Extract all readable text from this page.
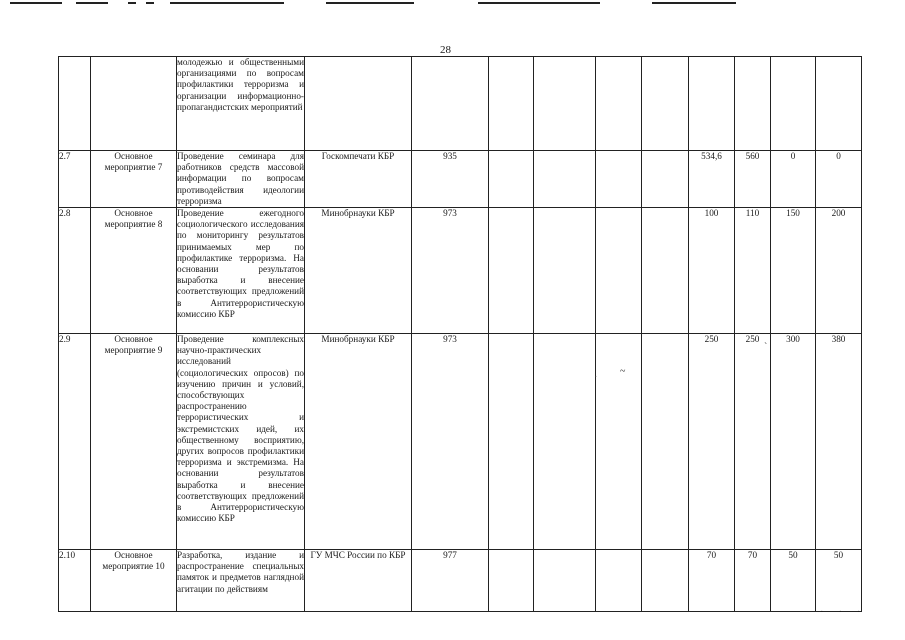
28
		молодежью и общественными организациями по вопросам профилактики терроризма и организации информационно-пропагандистских мероприятий										
2.7	Основное мероприятие 7	Проведение семинара для работников средств массовой информации по вопросам противодействия идеологии терроризма	Госкомпечати КБР	935					534,6	560	0	0
2.8	Основное мероприятие 8	Проведение ежегодного социологического исследования по мониторингу результатов принимаемых мер по профилактике терроризма. На основании результатов выработка и внесение соответствующих предложений в Антитеррористическую комиссию КБР	Минобрнауки КБР	973					100	110	150	200
2.9	Основное мероприятие 9	Проведение комплексных научно-практических исследований (социологических опросов) по изучению причин и условий, способствующих распространению террористических и экстремистских идей, их общественному восприятию, других вопросов профилактики терроризма и экстремизма. На основании результатов выработка и внесение соответствующих предложений в Антитеррористическую комиссию КБР	Минобрнауки КБР	973					250	250	300	380
2.10	Основное мероприятие 10	Разработка, издание и распространение специальных памяток и предметов наглядной агитации по действиям	ГУ МЧС России по КБР	977					70	70	50	50
·
~
`
· · ·
